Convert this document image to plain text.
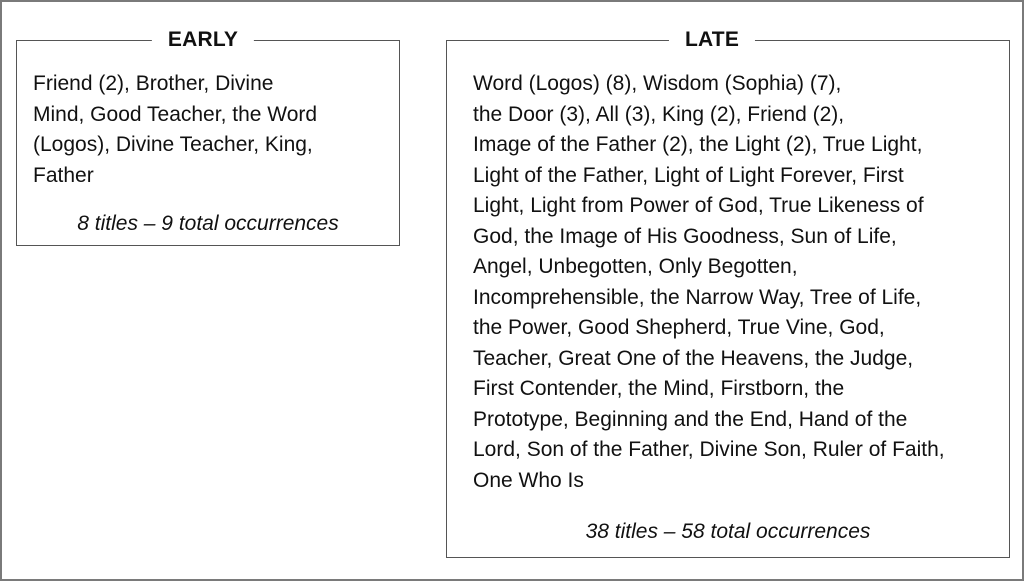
EARLY
Friend (2), Brother, Divine
Mind, Good Teacher, the Word
(Logos), Divine Teacher, King,
Father
8 titles – 9 total occurrences
LATE
Word (Logos) (8), Wisdom (Sophia) (7),
the Door (3), All (3), King (2), Friend (2),
Image of the Father (2), the Light (2), True Light,
Light of the Father, Light of Light Forever, First
Light, Light from Power of God, True Likeness of
God, the Image of His Goodness, Sun of Life,
Angel, Unbegotten, Only Begotten,
Incomprehensible, the Narrow Way, Tree of Life,
the Power, Good Shepherd, True Vine, God,
Teacher, Great One of the Heavens, the Judge,
First Contender, the Mind, Firstborn, the
Prototype, Beginning and the End, Hand of the
Lord, Son of the Father, Divine Son, Ruler of Faith,
One Who Is
38 titles – 58 total occurrences
